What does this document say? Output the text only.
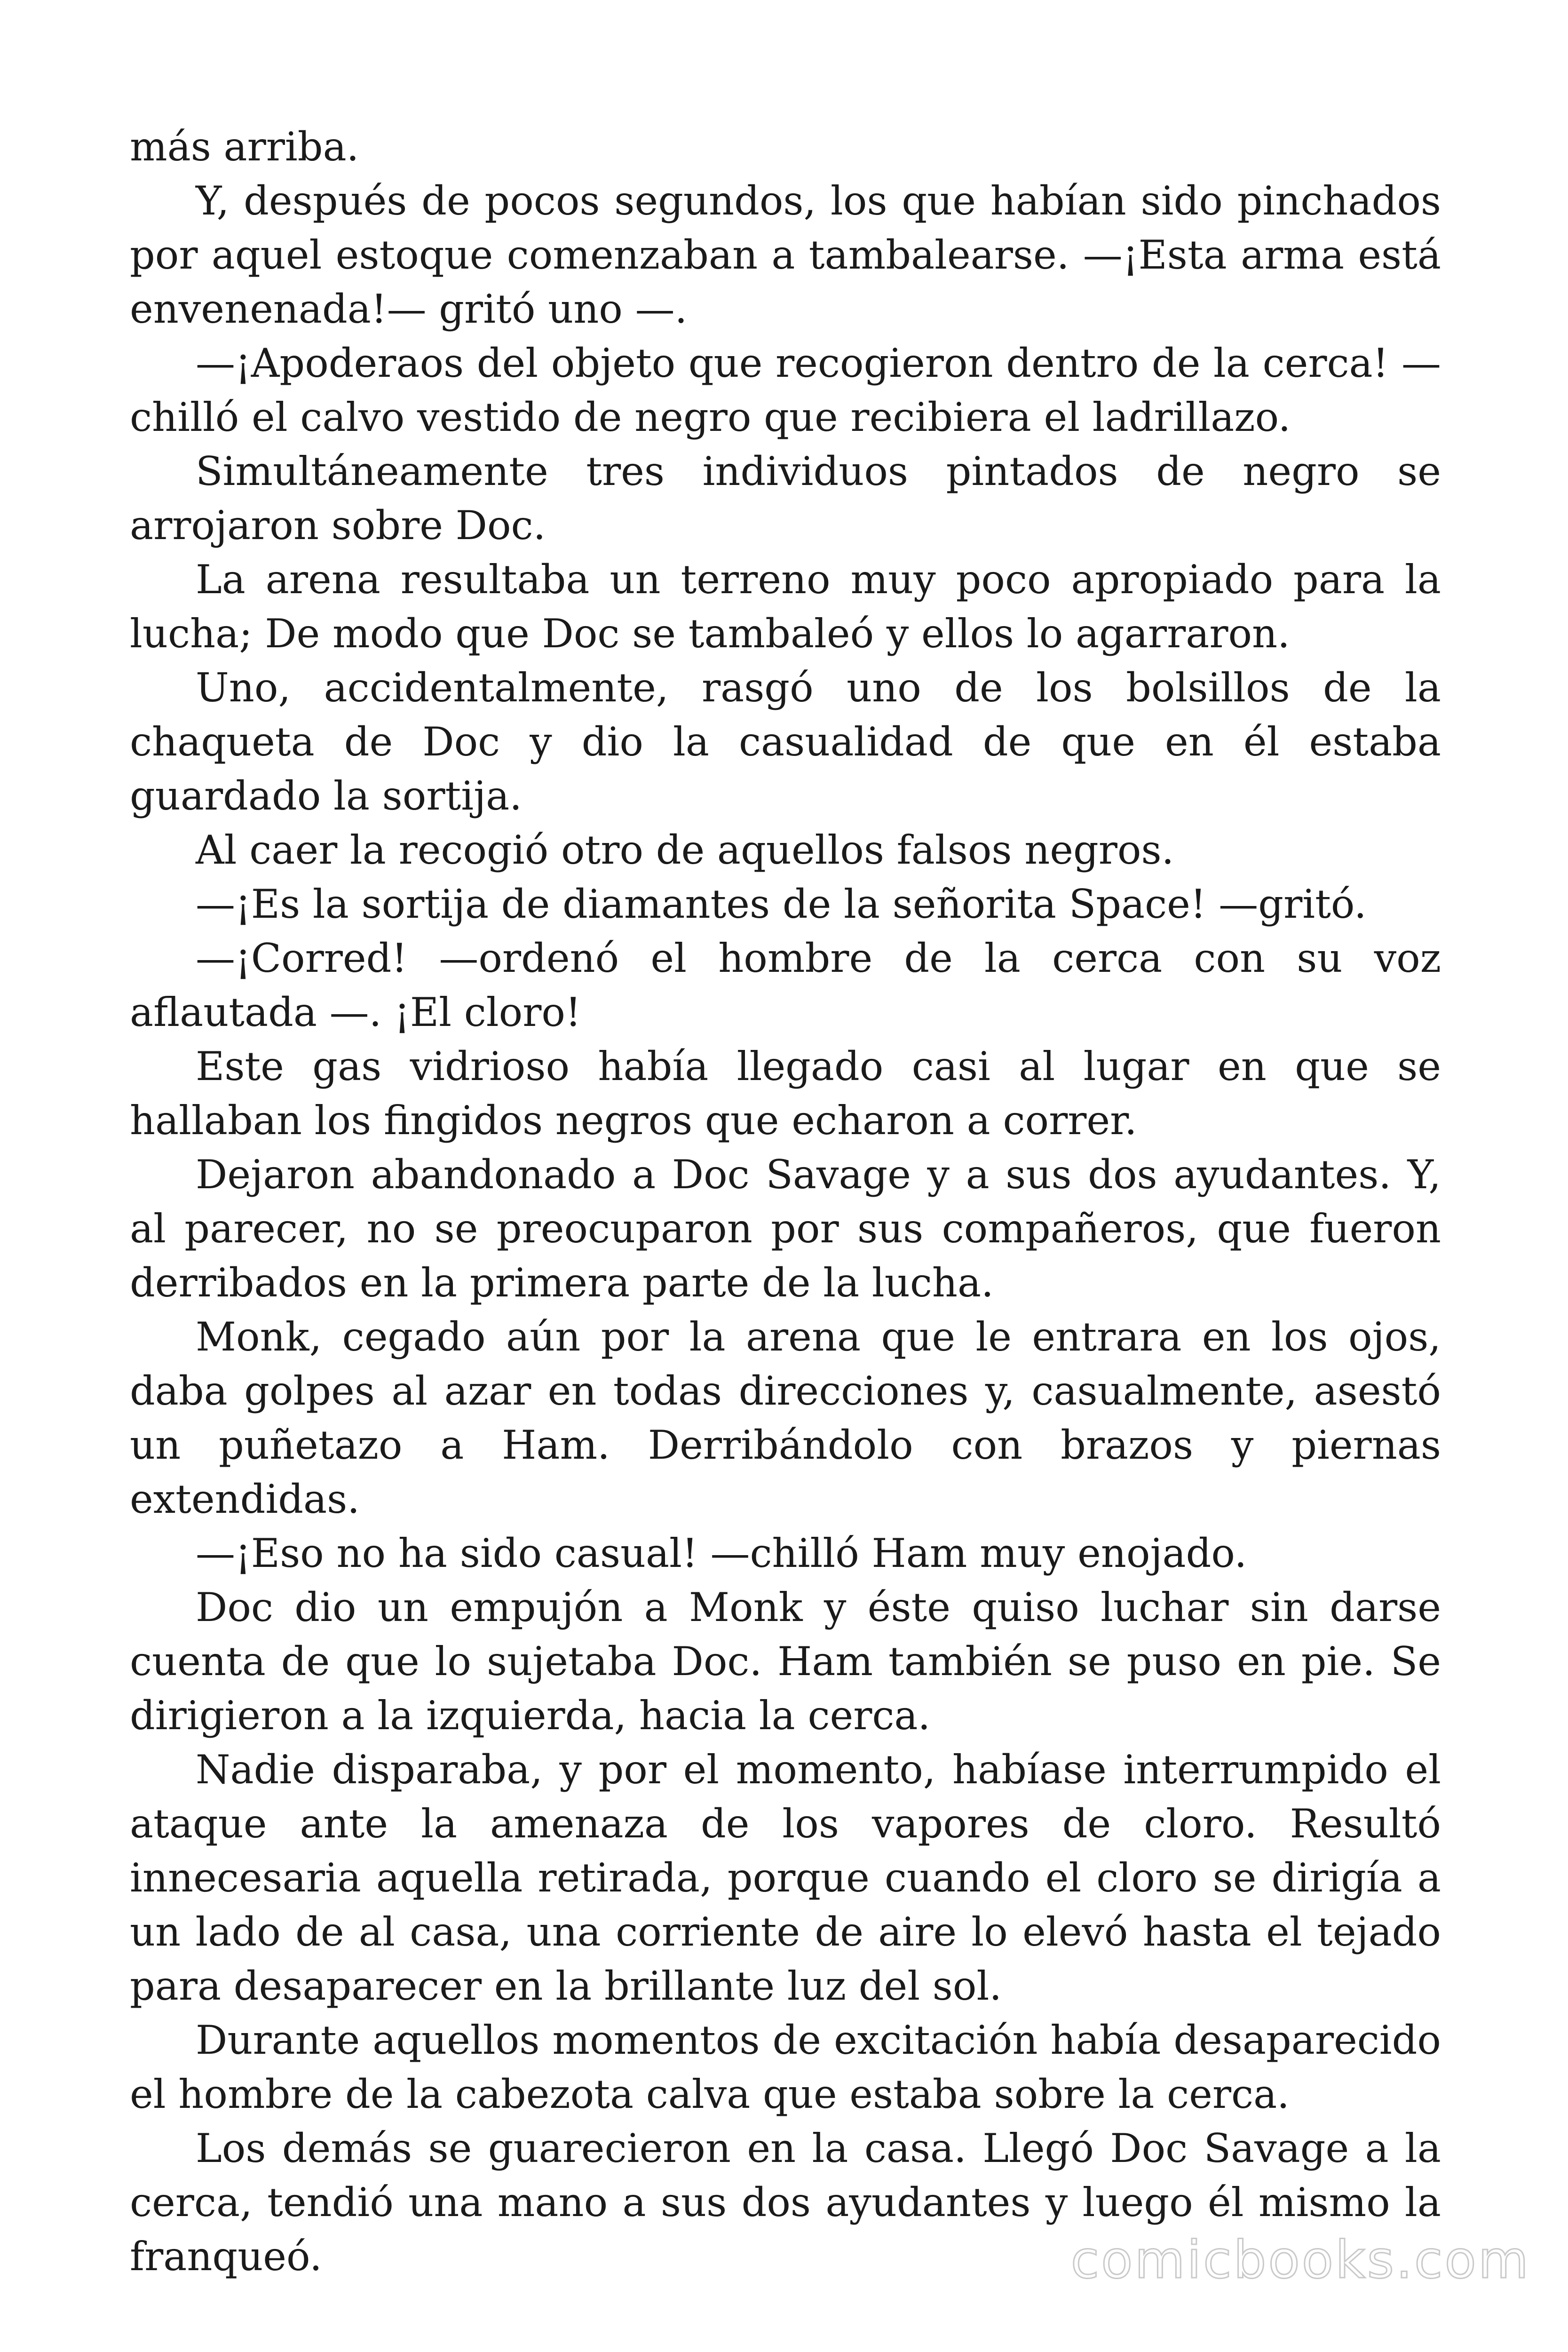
más arriba.

Y, después de pocos segundos, los que habían sido pinchados por aquel estoque comenzaban a tambalearse. —¡Esta arma está envenenada!— gritó uno —.

—¡Apoderaos del objeto que recogieron dentro de la cerca! —chilló el calvo vestido de negro que recibiera el ladrillazo.

Simultáneamente tres individuos pintados de negro se arrojaron sobre Doc.

La arena resultaba un terreno muy poco apropiado para la lucha; De modo que Doc se tambaleó y ellos lo agarraron.

Uno, accidentalmente, rasgó uno de los bolsillos de la chaqueta de Doc y dio la casualidad de que en él estaba guardado la sortija.

Al caer la recogió otro de aquellos falsos negros.

—¡Es la sortija de diamantes de la señorita Space! —gritó.

—¡Corred! —ordenó el hombre de la cerca con su voz aflautada —. ¡El cloro!

Este gas vidrioso había llegado casi al lugar en que se hallaban los fingidos negros que echaron a correr.

Dejaron abandonado a Doc Savage y a sus dos ayudantes. Y, al parecer, no se preocuparon por sus compañeros, que fueron derribados en la primera parte de la lucha.

Monk, cegado aún por la arena que le entrara en los ojos, daba golpes al azar en todas direcciones y, casualmente, asestó un puñetazo a Ham. Derribándolo con brazos y piernas extendidas.

—¡Eso no ha sido casual! —chilló Ham muy enojado.

Doc dio un empujón a Monk y éste quiso luchar sin darse cuenta de que lo sujetaba Doc. Ham también se puso en pie. Se dirigieron a la izquierda, hacia la cerca.

Nadie disparaba, y por el momento, habíase interrumpido el ataque ante la amenaza de los vapores de cloro. Resultó innecesaria aquella retirada, porque cuando el cloro se dirigía a un lado de al casa, una corriente de aire lo elevó hasta el tejado para desaparecer en la brillante luz del sol.

Durante aquellos momentos de excitación había desaparecido el hombre de la cabezota calva que estaba sobre la cerca.

Los demás se guarecieron en la casa. Llegó Doc Savage a la cerca, tendió una mano a sus dos ayudantes y luego él mismo la franqueó.	comicbooks.com
